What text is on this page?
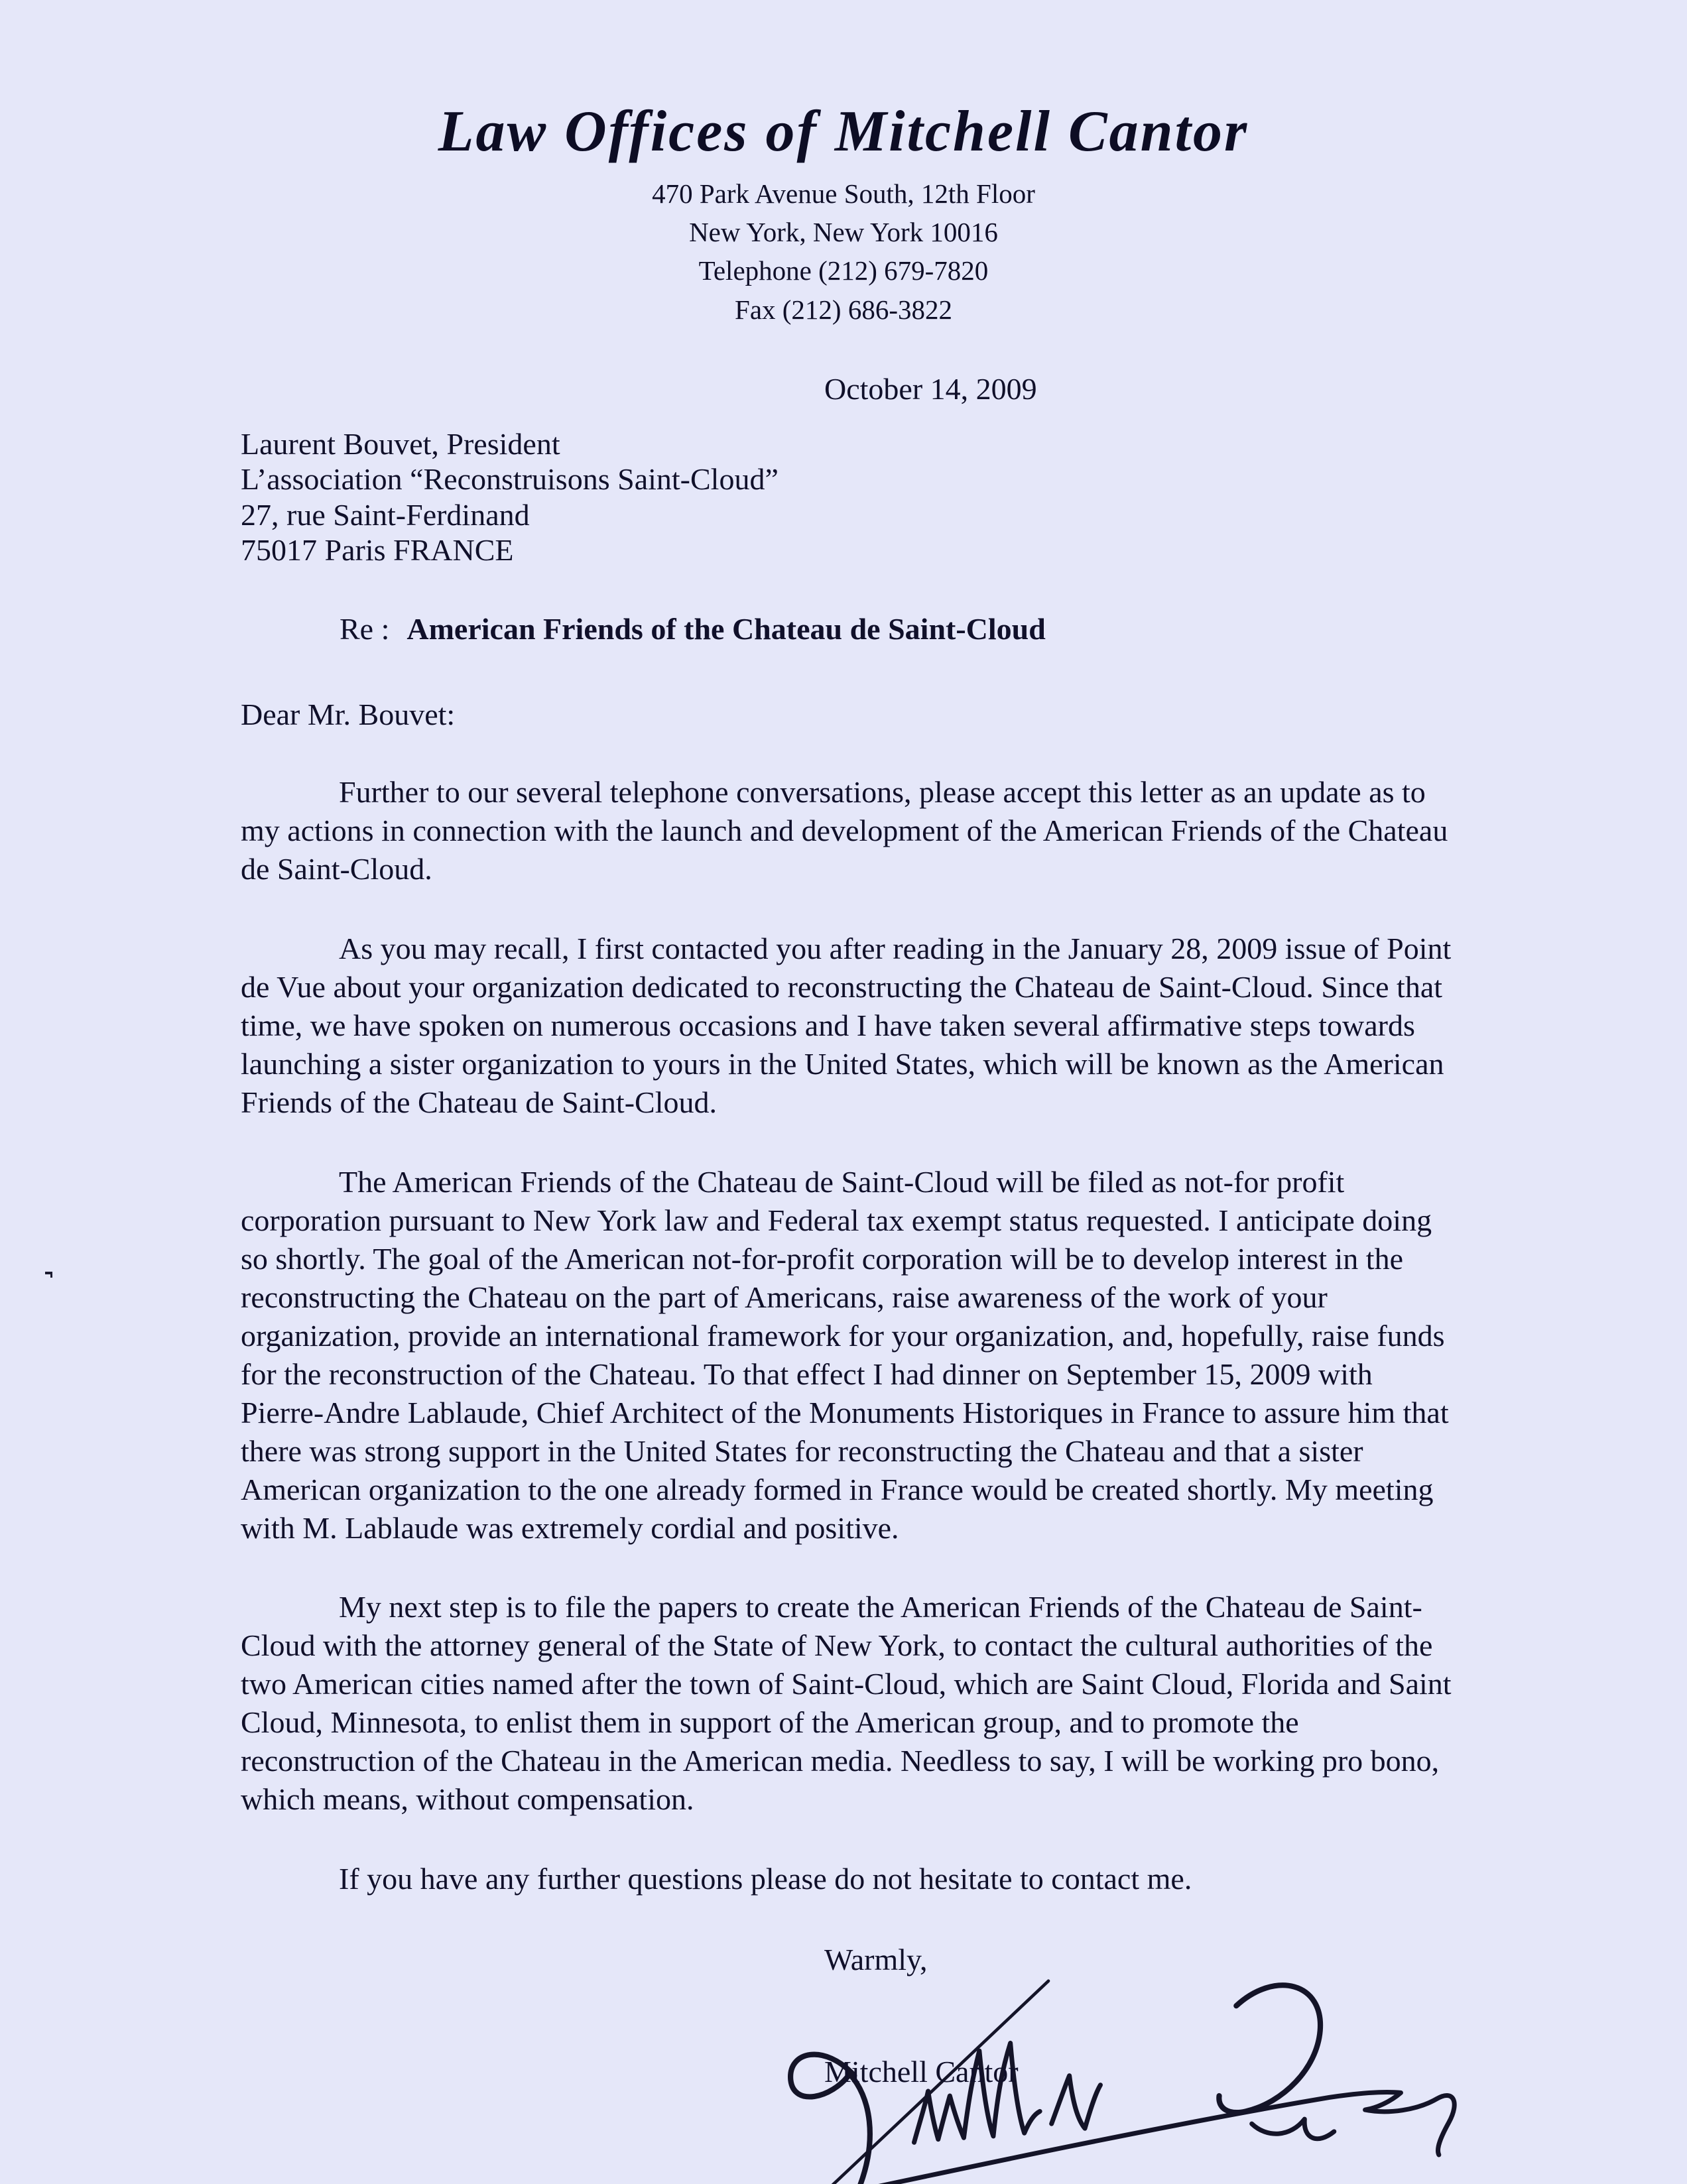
Law Offices of Mitchell Cantor
470 Park Avenue South, 12th Floor
New York, New York 10016
Telephone (212) 679-7820
Fax (212) 686-3822
October 14, 2009
Laurent Bouvet, President
L’association “Reconstruisons Saint-Cloud”
27, rue Saint-Ferdinand
75017 Paris FRANCE
Re : American Friends of the Chateau de Saint-Cloud
Dear Mr. Bouvet:

Further to our several telephone conversations, please accept this letter as an update as to my actions in connection with the launch and development of the American Friends of the Chateau de Saint-Cloud.

As you may recall, I first contacted you after reading in the January 28, 2009 issue of Point de Vue about your organization dedicated to reconstructing the Chateau de Saint-Cloud. Since that time, we have spoken on numerous occasions and I have taken several affirmative steps towards launching a sister organization to yours in the United States, which will be known as the American Friends of the Chateau de Saint-Cloud.

The American Friends of the Chateau de Saint-Cloud will be filed as not-for profit corporation pursuant to New York law and Federal tax exempt status requested. I anticipate doing so shortly. The goal of the American not-for-profit corporation will be to develop interest in the reconstructing the Chateau on the part of Americans, raise awareness of the work of your organization, provide an international framework for your organization, and, hopefully, raise funds for the reconstruction of the Chateau. To that effect I had dinner on September 15, 2009 with Pierre-Andre Lablaude, Chief Architect of the Monuments Historiques in France to assure him that there was strong support in the United States for reconstructing the Chateau and that a sister American organization to the one already formed in France would be created shortly. My meeting with M. Lablaude was extremely cordial and positive.

My next step is to file the papers to create the American Friends of the Chateau de Saint-Cloud with the attorney general of the State of New York, to contact the cultural authorities of the two American cities named after the town of Saint-Cloud, which are Saint Cloud, Florida and Saint Cloud, Minnesota, to enlist them in support of the American group, and to promote the reconstruction of the Chateau in the American media. Needless to say, I will be working pro bono, which means, without compensation.

If you have any further questions please do not hesitate to contact me.

Warmly,
Mitchell Cantor
